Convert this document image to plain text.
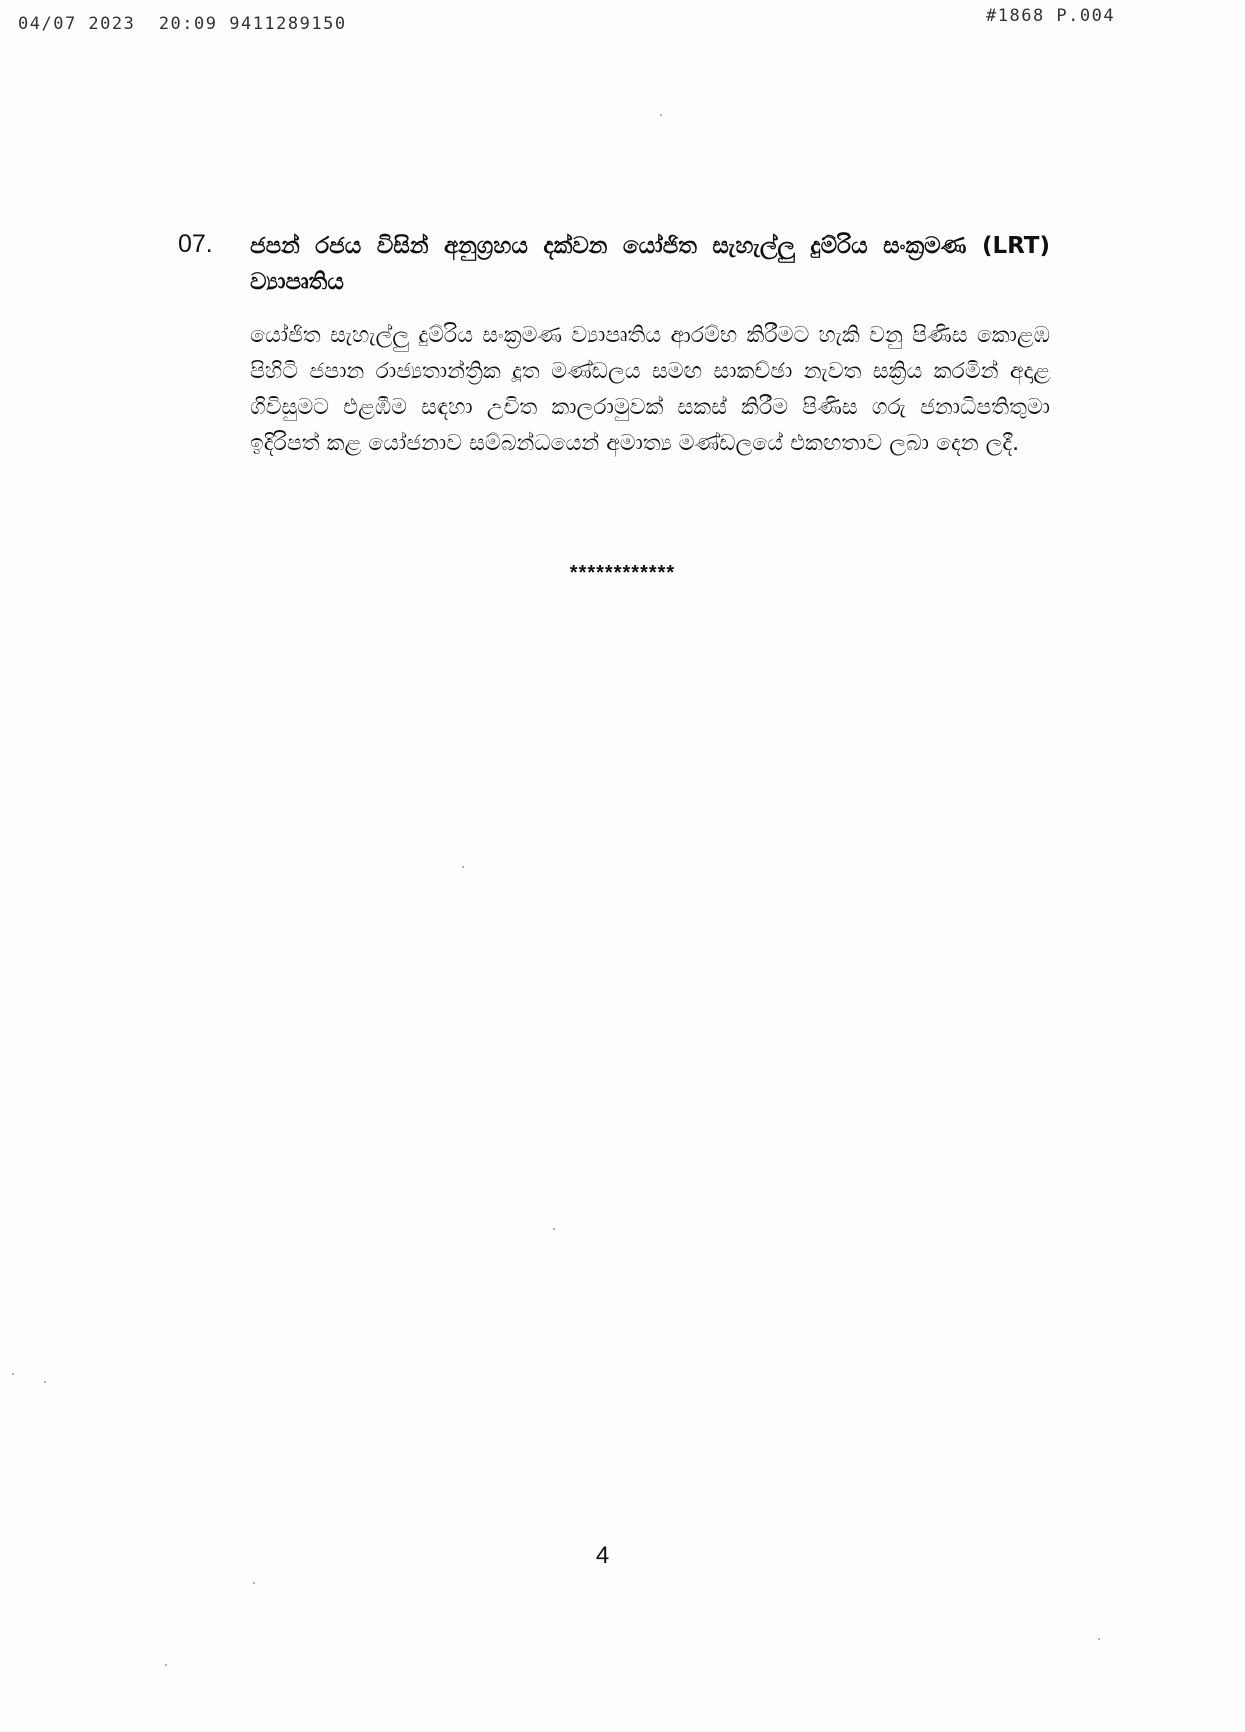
04/07 2023  20:09 9411289150	#1868 P.004
07. ජපන් රජය විසින් අනුග්‍රහය දක්වන යෝජිත සැහැල්ලු දුම්රිය සංක්‍රමණ (LRT) ව්‍යාපෘතිය
යෝජිත සැහැල්ලු දුම්රිය සංක්‍රමණ ව්‍යාපෘතිය ආරම්භ කිරීමට හැකි වනු පිණිස කොළඹ පිහිටි ජපාන රාජ්‍යතාන්ත්‍රික දූත මණ්ඩලය සමඟ සාකච්ඡා නැවත සක්‍රිය කරමින් අදාළ ගිවිසුමට එළඹීම සඳහා උචිත කාලරාමුවක් සකස් කිරීම පිණිස ගරු ජනාධිපතිතුමා ඉදිරිපත් කළ යෝජනාව සම්බන්ධයෙන් අමාත්‍ය මණ්ඩලයේ එකඟතාව ලබා දෙන ලදී.
************
4
